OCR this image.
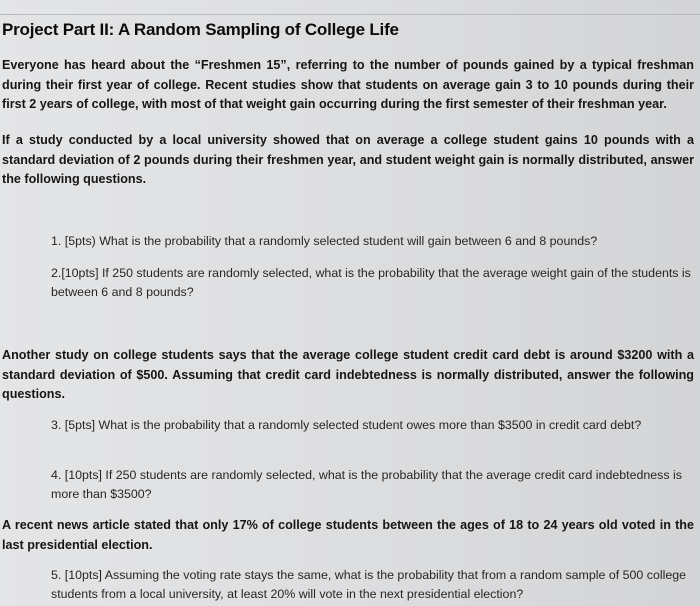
Project Part II: A Random Sampling of College Life
Everyone has heard about the “Freshmen 15”, referring to the number of pounds gained by a typical freshman during their first year of college. Recent studies show that students on average gain 3 to 10 pounds during their first 2 years of college, with most of that weight gain occurring during the first semester of their freshman year.
If a study conducted by a local university showed that on average a college student gains 10 pounds with a standard deviation of 2 pounds during their freshmen year, and student weight gain is normally distributed, answer the following questions.
1. [5pts) What is the probability that a randomly selected student will gain between 6 and 8 pounds?
2.[10pts] If 250 students are randomly selected, what is the probability that the average weight gain of the students is between 6 and 8 pounds?
Another study on college students says that the average college student credit card debt is around $3200 with a standard deviation of $500. Assuming that credit card indebtedness is normally distributed, answer the following questions.
3. [5pts] What is the probability that a randomly selected student owes more than $3500 in credit card debt?
4. [10pts] If 250 students are randomly selected, what is the probability that the average credit card indebtedness is more than $3500?
A recent news article stated that only 17% of college students between the ages of 18 to 24 years old voted in the last presidential election.
5. [10pts] Assuming the voting rate stays the same, what is the probability that from a random sample of 500 college students from a local university, at least 20% will vote in the next presidential election?
